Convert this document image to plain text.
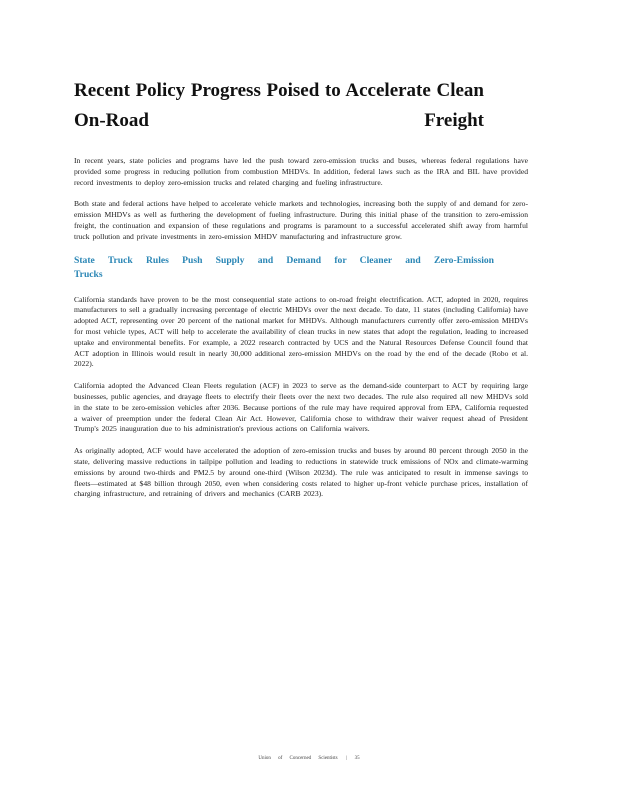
Recent Policy Progress Poised to Accelerate Clean On-Road Freight

In recent years, state policies and programs have led the push toward zero-emission trucks and buses, whereas federal regulations have provided some progress in reducing pollution from combustion MHDVs. In addition, federal laws such as the IRA and BIL have provided record investments to deploy zero-emission trucks and related charging and fueling infrastructure.

Both state and federal actions have helped to accelerate vehicle markets and technologies, increasing both the supply of and demand for zero-emission MHDVs as well as furthering the development of fueling infrastructure. During this initial phase of the transition to zero-emission freight, the continuation and expansion of these regulations and programs is paramount to a successful accelerated shift away from harmful truck pollution and private investments in zero-emission MHDV manufacturing and infrastructure grow.

State Truck Rules Push Supply and Demand for Cleaner and Zero-Emission Trucks

California standards have proven to be the most consequential state actions to on-road freight electrification. ACT, adopted in 2020, requires manufacturers to sell a gradually increasing percentage of electric MHDVs over the next decade. To date, 11 states (including California) have adopted ACT, representing over 20 percent of the national market for MHDVs. Although manufacturers currently offer zero-emission MHDVs for most vehicle types, ACT will help to accelerate the availability of clean trucks in new states that adopt the regulation, leading to increased uptake and environmental benefits. For example, a 2022 research contracted by UCS and the Natural Resources Defense Council found that ACT adoption in Illinois would result in nearly 30,000 additional zero-emission MHDVs on the road by the end of the decade (Robo et al. 2022).

California adopted the Advanced Clean Fleets regulation (ACF) in 2023 to serve as the demand-side counterpart to ACT by requiring large businesses, public agencies, and drayage fleets to electrify their fleets over the next two decades. The rule also required all new MHDVs sold in the state to be zero-emission vehicles after 2036. Because portions of the rule may have required approval from EPA, California requested a waiver of preemption under the federal Clean Air Act. However, California chose to withdraw their waiver request ahead of President Trump's 2025 inauguration due to his administration's previous actions on California waivers.

As originally adopted, ACF would have accelerated the adoption of zero-emission trucks and buses by around 80 percent through 2050 in the state, delivering massive reductions in tailpipe pollution and leading to reductions in statewide truck emissions of NOx and climate-warming emissions by around two-thirds and PM2.5 by around one-third (Wilson 2023d). The rule was anticipated to result in immense savings to fleets—estimated at $48 billion through 2050, even when considering costs related to higher up-front vehicle purchase prices, installation of charging infrastructure, and retraining of drivers and mechanics (CARB 2023).

Union of Concerned Scientists | 35
